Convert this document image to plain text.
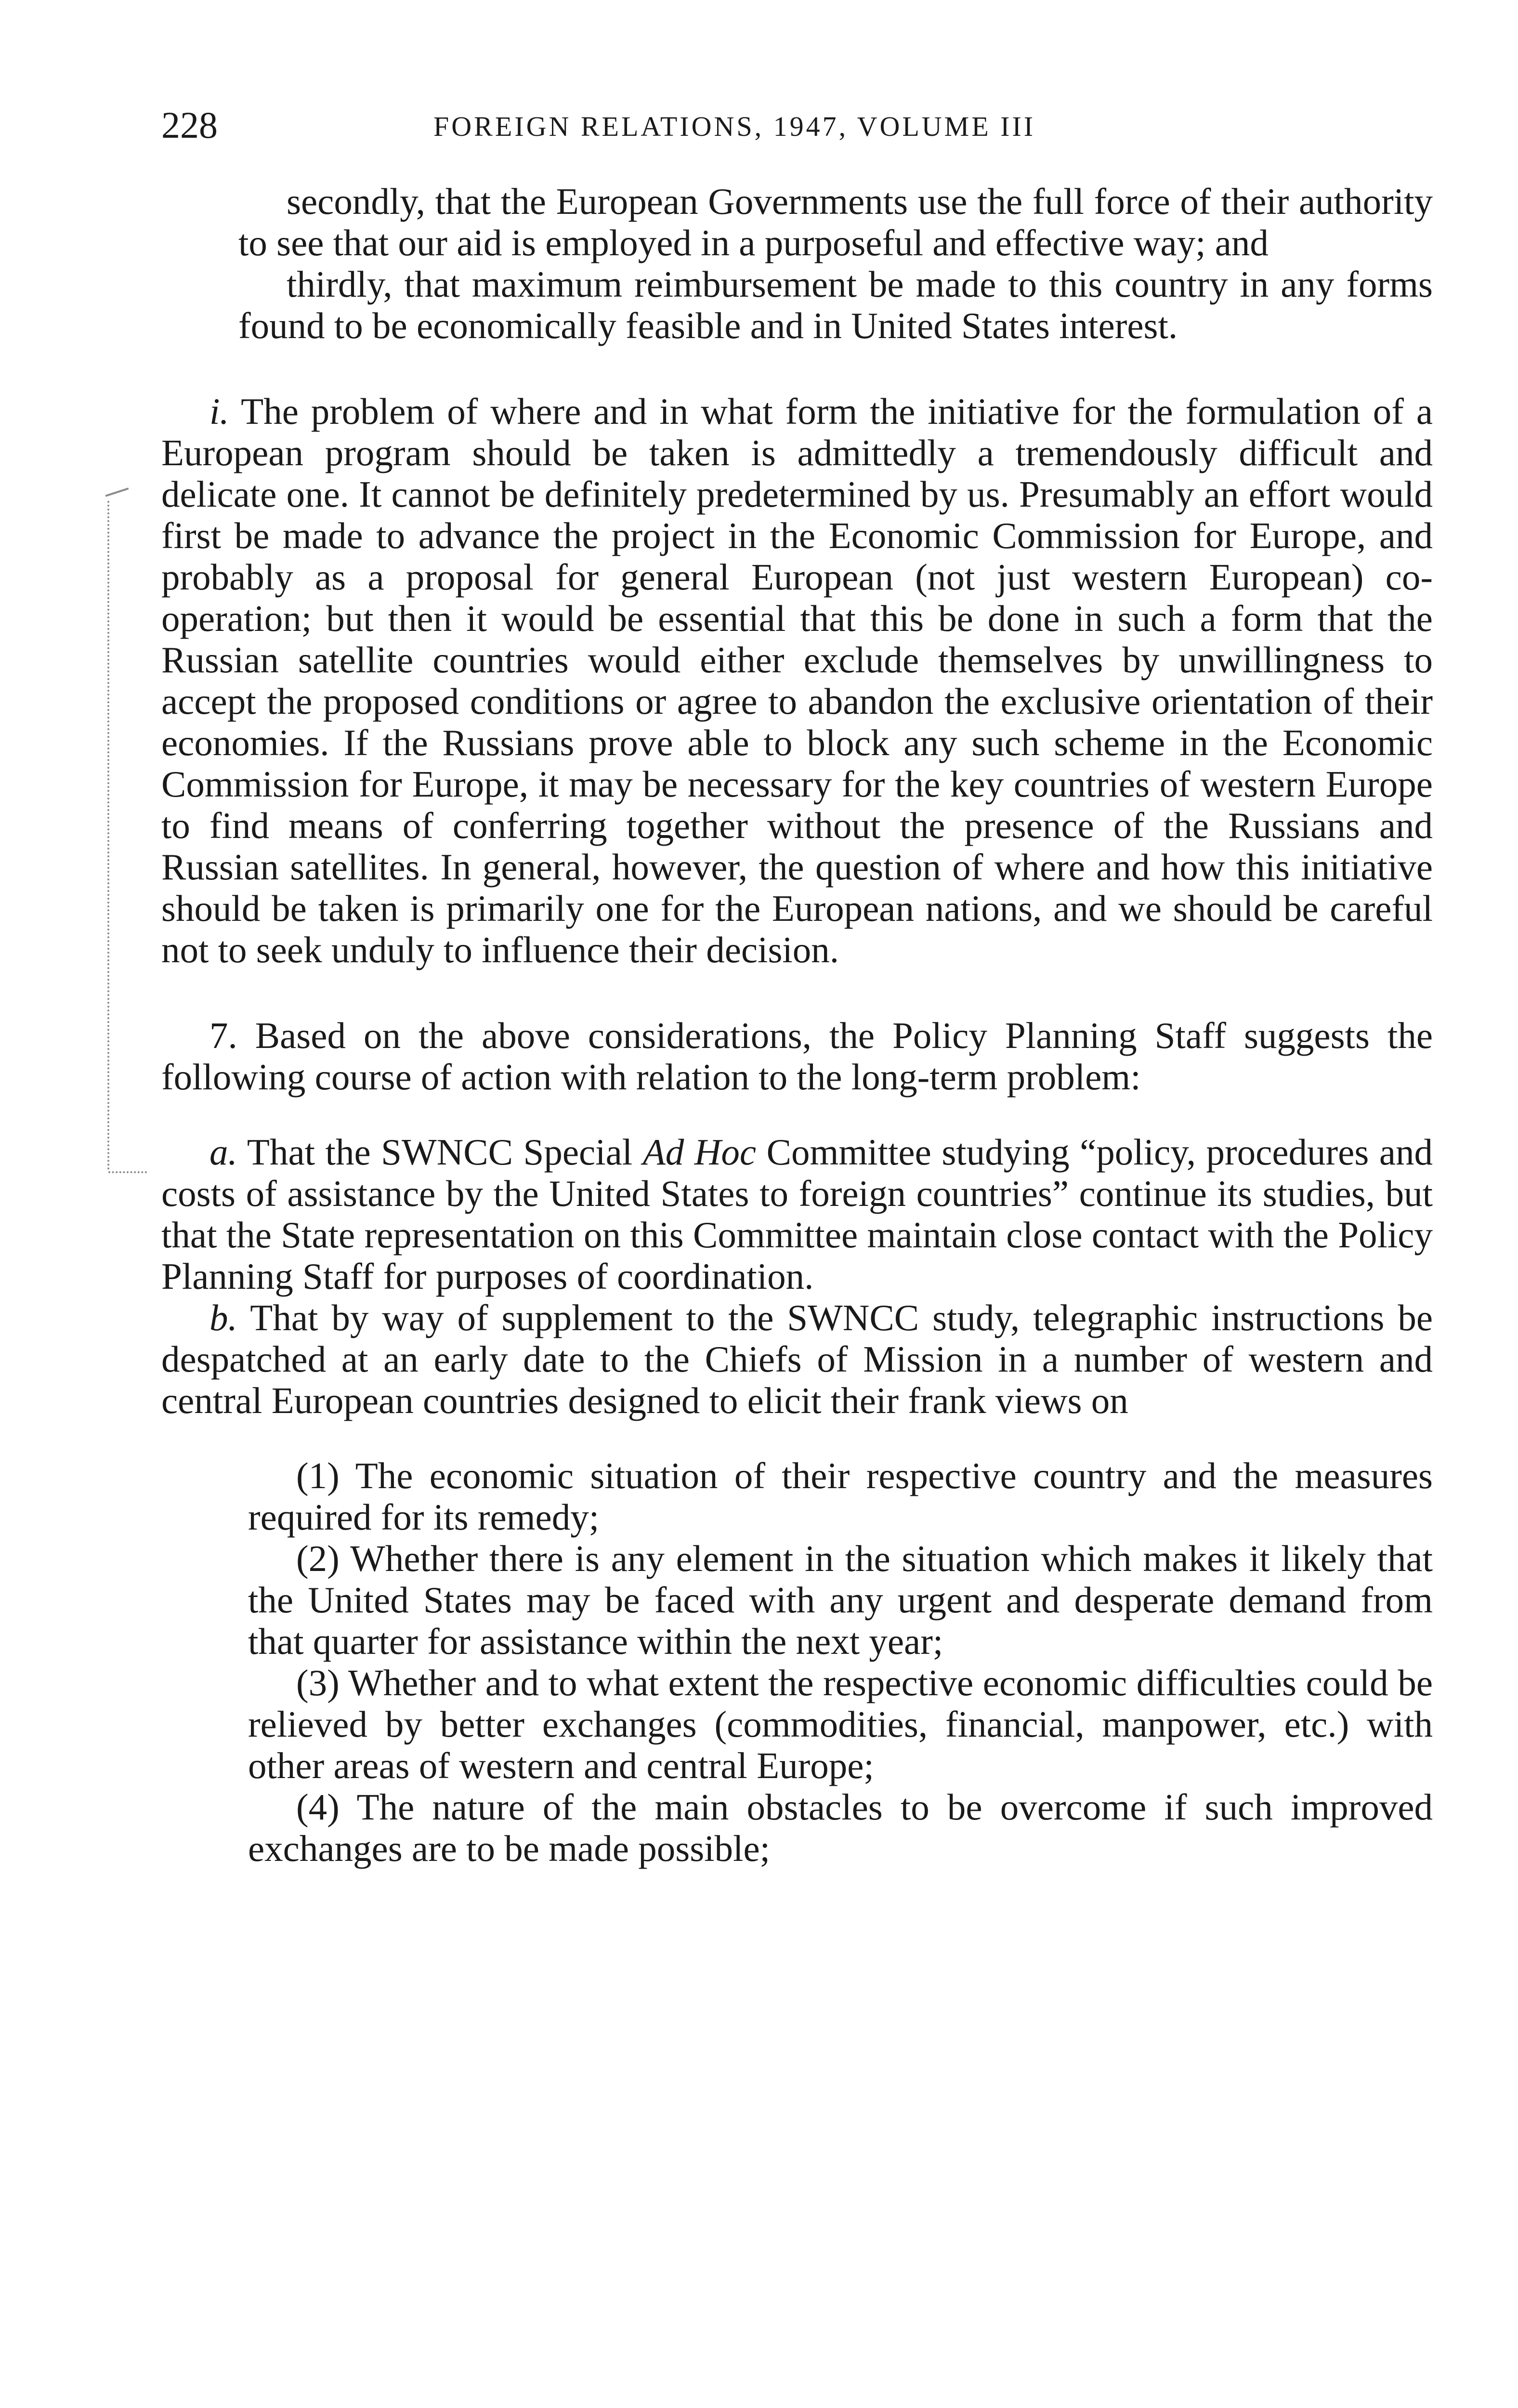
228	FOREIGN RELATIONS, 1947, VOLUME III

secondly, that the European Governments use the full force of their authority to see that our aid is employed in a purposeful and effective way; and

thirdly, that maximum reimbursement be made to this country in any forms found to be economically feasible and in United States interest.

i. The problem of where and in what form the initiative for the formulation of a European program should be taken is admittedly a tremendously difficult and delicate one. It cannot be definitely predetermined by us. Presumably an effort would first be made to advance the project in the Economic Commission for Europe, and probably as a proposal for general European (not just western European) co-operation; but then it would be essential that this be done in such a form that the Russian satellite countries would either exclude themselves by unwillingness to accept the proposed conditions or agree to abandon the exclusive orientation of their economies. If the Russians prove able to block any such scheme in the Economic Commission for Europe, it may be necessary for the key countries of western Europe to find means of conferring together without the presence of the Russians and Russian satellites. In general, however, the question of where and how this initiative should be taken is primarily one for the European nations, and we should be careful not to seek unduly to influence their decision.

7. Based on the above considerations, the Policy Planning Staff suggests the following course of action with relation to the long-term problem:

a. That the SWNCC Special Ad Hoc Committee studying “policy, procedures and costs of assistance by the United States to foreign countries” continue its studies, but that the State representation on this Committee maintain close contact with the Policy Planning Staff for purposes of coordination.

b. That by way of supplement to the SWNCC study, telegraphic instructions be despatched at an early date to the Chiefs of Mission in a number of western and central European countries designed to elicit their frank views on

(1) The economic situation of their respective country and the measures required for its remedy;

(2) Whether there is any element in the situation which makes it likely that the United States may be faced with any urgent and desperate demand from that quarter for assistance within the next year;

(3) Whether and to what extent the respective economic difficulties could be relieved by better exchanges (commodities, financial, manpower, etc.) with other areas of western and central Europe;

(4) The nature of the main obstacles to be overcome if such improved exchanges are to be made possible;
